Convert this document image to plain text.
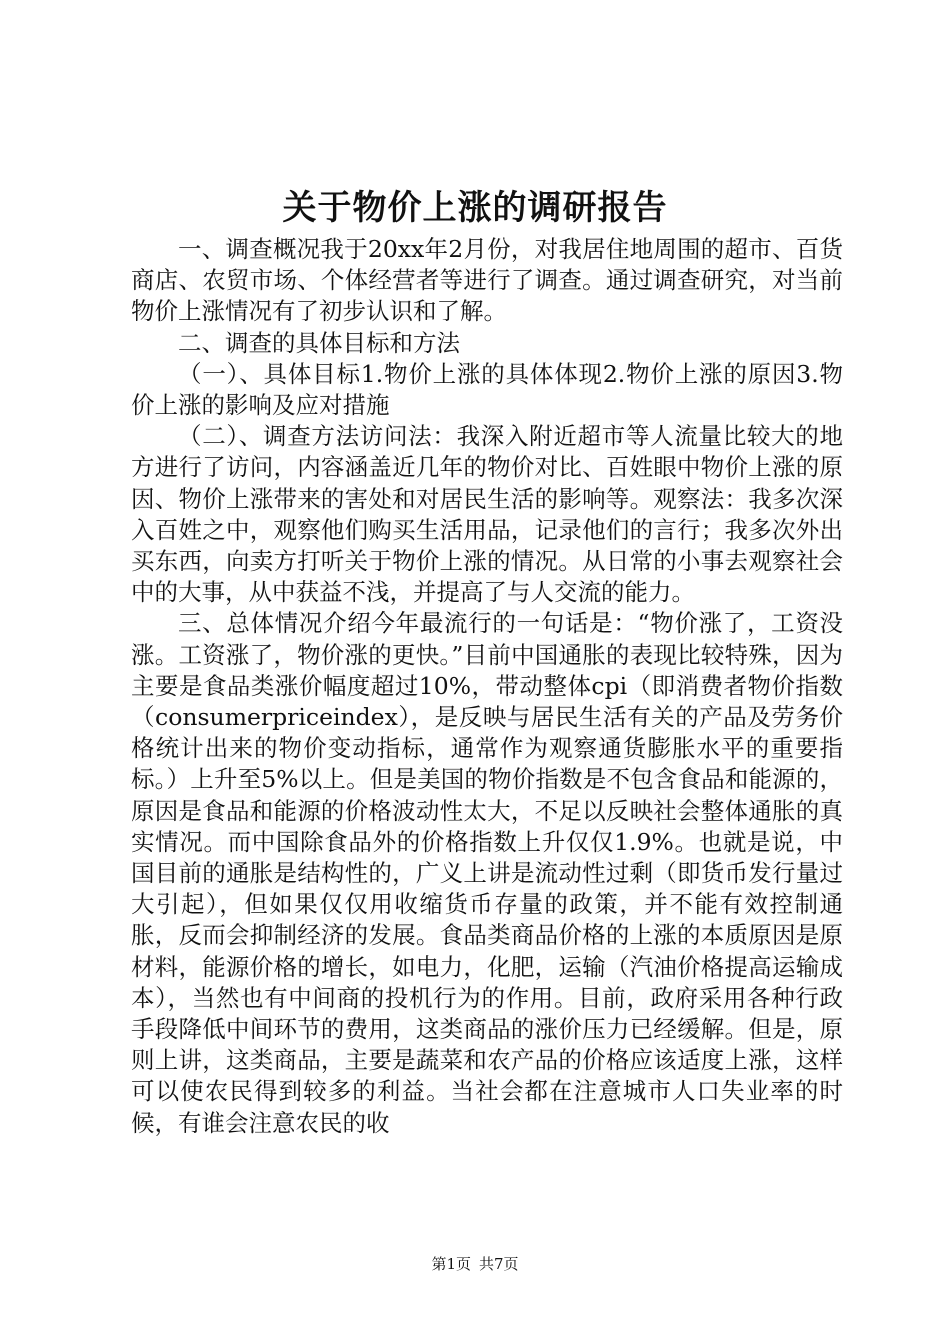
关于物价上涨的调研报告

一、调查概况我于20xx年2月份，对我居住地周围的超市、百货商店、农贸市场、个体经营者等进行了调查。通过调查研究，对当前物价上涨情况有了初步认识和了解。

二、调查的具体目标和方法

（一）、具体目标1.物价上涨的具体体现2.物价上涨的原因3.物价上涨的影响及应对措施

（二）、调查方法访问法：我深入附近超市等人流量比较大的地方进行了访问，内容涵盖近几年的物价对比、百姓眼中物价上涨的原因、物价上涨带来的害处和对居民生活的影响等。观察法：我多次深入百姓之中，观察他们购买生活用品，记录他们的言行；我多次外出买东西，向卖方打听关于物价上涨的情况。从日常的小事去观察社会中的大事，从中获益不浅，并提高了与人交流的能力。

三、总体情况介绍今年最流行的一句话是：“物价涨了，工资没涨。工资涨了，物价涨的更快。”目前中国通胀的表现比较特殊，因为主要是食品类涨价幅度超过10%，带动整体cpi（即消费者物价指数（consumerpriceindex），是反映与居民生活有关的产品及劳务价格统计出来的物价变动指标，通常作为观察通货膨胀水平的重要指标。）上升至5%以上。但是美国的物价指数是不包含食品和能源的，原因是食品和能源的价格波动性太大，不足以反映社会整体通胀的真实情况。而中国除食品外的价格指数上升仅仅1.9%。也就是说，中国目前的通胀是结构性的，广义上讲是流动性过剩（即货币发行量过大引起），但如果仅仅用收缩货币存量的政策，并不能有效控制通胀，反而会抑制经济的发展。食品类商品价格的上涨的本质原因是原材料，能源价格的增长，如电力，化肥，运输（汽油价格提高运输成本），当然也有中间商的投机行为的作用。目前，政府采用各种行政手段降低中间环节的费用，这类商品的涨价压力已经缓解。但是，原则上讲，这类商品，主要是蔬菜和农产品的价格应该适度上涨，这样可以使农民得到较多的利益。当社会都在注意城市人口失业率的时候，有谁会注意农民的收

第1页 共7页
